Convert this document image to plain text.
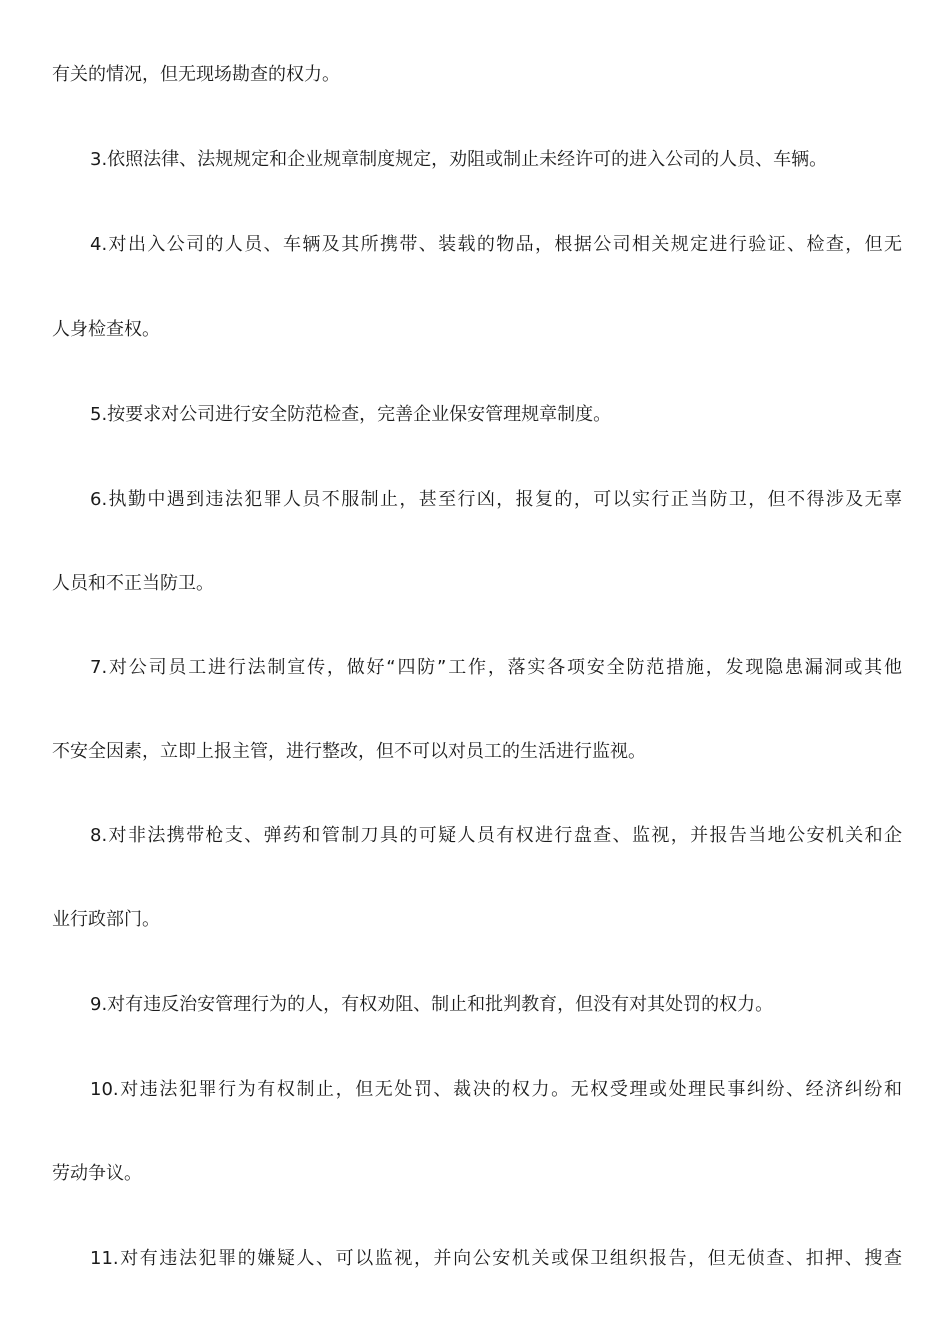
有关的情况，但无现场勘查的权力。
3.依照法律、法规规定和企业规章制度规定，劝阻或制止未经许可的进入公司的人员、车辆。
4.对出入公司的人员、车辆及其所携带、装载的物品，根据公司相关规定进行验证、检查，但无
人身检查权。
5.按要求对公司进行安全防范检查，完善企业保安管理规章制度。
6.执勤中遇到违法犯罪人员不服制止，甚至行凶，报复的，可以实行正当防卫，但不得涉及无辜
人员和不正当防卫。
7.对公司员工进行法制宣传，做好“四防”工作，落实各项安全防范措施，发现隐患漏洞或其他
不安全因素，立即上报主管，进行整改，但不可以对员工的生活进行监视。
8.对非法携带枪支、弹药和管制刀具的可疑人员有权进行盘查、监视，并报告当地公安机关和企
业行政部门。
9.对有违反治安管理行为的人，有权劝阻、制止和批判教育，但没有对其处罚的权力。
10.对违法犯罪行为有权制止，但无处罚、裁决的权力。无权受理或处理民事纠纷、经济纠纷和
劳动争议。
11.对有违法犯罪的嫌疑人、可以监视，并向公安机关或保卫组织报告，但无侦查、扣押、搜查
